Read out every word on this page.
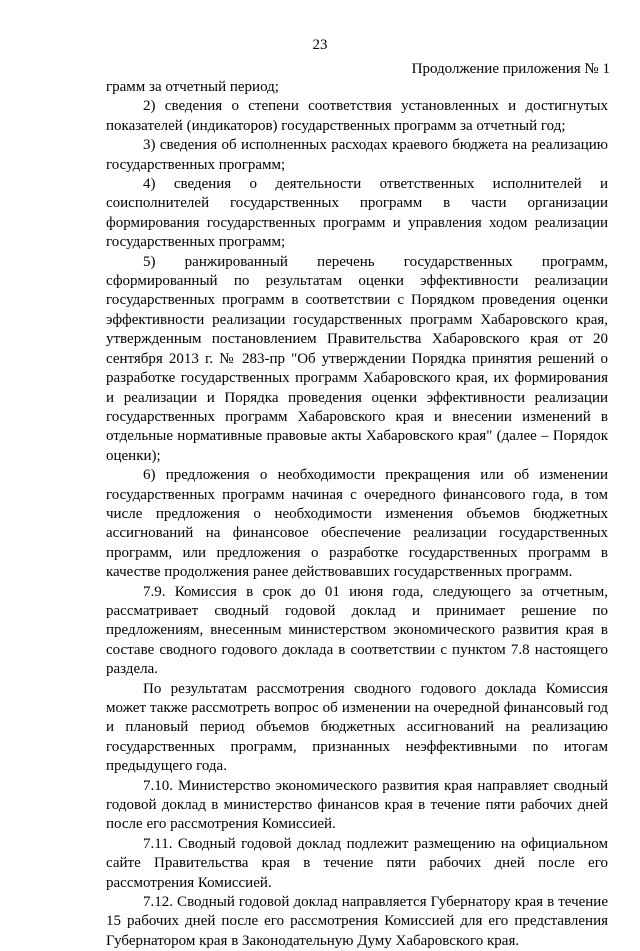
23
Продолжение приложения № 1

грамм за отчетный период;

2) сведения о степени соответствия установленных и достигнутых показателей (индикаторов) государственных программ за отчетный год;

3) сведения об исполненных расходах краевого бюджета на реализацию государственных программ;

4) сведения о деятельности ответственных исполнителей и соисполнителей государственных программ в части организации формирования государственных программ и управления ходом реализации государственных программ;

5) ранжированный перечень государственных программ, сформированный по результатам оценки эффективности реализации государственных программ в соответствии с Порядком проведения оценки эффективности реализации государственных программ Хабаровского края, утвержденным постановлением Правительства Хабаровского края от 20 сентября 2013 г. № 283-пр "Об утверждении Порядка принятия решений о разработке государственных программ Хабаровского края, их формирования и реализации и Порядка проведения оценки эффективности реализации государственных программ Хабаровского края и внесении изменений в отдельные нормативные правовые акты Хабаровского края" (далее – Порядок оценки);

6) предложения о необходимости прекращения или об изменении государственных программ начиная с очередного финансового года, в том числе предложения о необходимости изменения объемов бюджетных ассигнований на финансовое обеспечение реализации государственных программ, или предложения о разработке государственных программ в качестве продолжения ранее действовавших государственных программ.

7.9. Комиссия в срок до 01 июня года, следующего за отчетным, рассматривает сводный годовой доклад и принимает решение по предложениям, внесенным министерством экономического развития края в составе сводного годового доклада в соответствии с пунктом 7.8 настоящего раздела.

По результатам рассмотрения сводного годового доклада Комиссия может также рассмотреть вопрос об изменении на очередной финансовый год и плановый период объемов бюджетных ассигнований на реализацию государственных программ, признанных неэффективными по итогам предыдущего года.

7.10. Министерство экономического развития края направляет сводный годовой доклад в министерство финансов края в течение пяти рабочих дней после его рассмотрения Комиссией.

7.11. Сводный годовой доклад подлежит размещению на официальном сайте Правительства края в течение пяти рабочих дней после его рассмотрения Комиссией.

7.12. Сводный годовой доклад направляется Губернатору края в течение 15 рабочих дней после его рассмотрения Комиссией для его представления Губернатором края в Законодательную Думу Хабаровского края.
